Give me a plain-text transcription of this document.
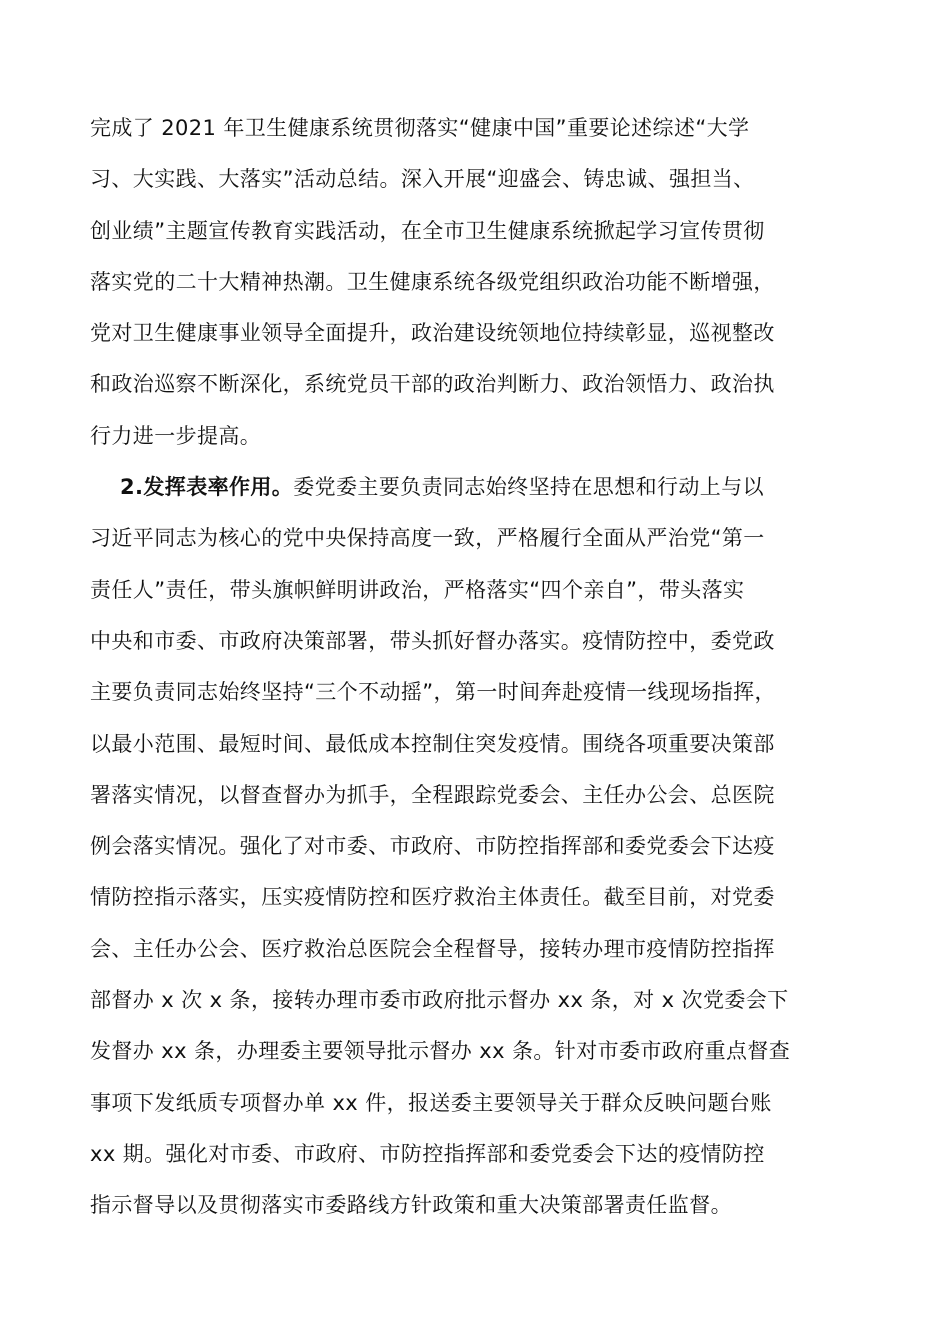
完成了 2021 年卫生健康系统贯彻落实“健康中国”重要论述综述“大学
习、大实践、大落实”活动总结。深入开展“迎盛会、铸忠诚、强担当、
创业绩”主题宣传教育实践活动，在全市卫生健康系统掀起学习宣传贯彻
落实党的二十大精神热潮。卫生健康系统各级党组织政治功能不断增强，
党对卫生健康事业领导全面提升，政治建设统领地位持续彰显，巡视整改
和政治巡察不断深化，系统党员干部的政治判断力、政治领悟力、政治执
行力进一步提高。
2.发挥表率作用。委党委主要负责同志始终坚持在思想和行动上与以
习近平同志为核心的党中央保持高度一致，严格履行全面从严治党“第一
责任人”责任，带头旗帜鲜明讲政治，严格落实“四个亲自”，带头落实
中央和市委、市政府决策部署，带头抓好督办落实。疫情防控中，委党政
主要负责同志始终坚持“三个不动摇”，第一时间奔赴疫情一线现场指挥，
以最小范围、最短时间、最低成本控制住突发疫情。围绕各项重要决策部
署落实情况，以督查督办为抓手，全程跟踪党委会、主任办公会、总医院
例会落实情况。强化了对市委、市政府、市防控指挥部和委党委会下达疫
情防控指示落实，压实疫情防控和医疗救治主体责任。截至目前，对党委
会、主任办公会、医疗救治总医院会全程督导，接转办理市疫情防控指挥
部督办 x 次 x 条，接转办理市委市政府批示督办 xx 条，对 x 次党委会下
发督办 xx 条，办理委主要领导批示督办 xx 条。针对市委市政府重点督查
事项下发纸质专项督办单 xx 件，报送委主要领导关于群众反映问题台账
xx 期。强化对市委、市政府、市防控指挥部和委党委会下达的疫情防控
指示督导以及贯彻落实市委路线方针政策和重大决策部署责任监督。
